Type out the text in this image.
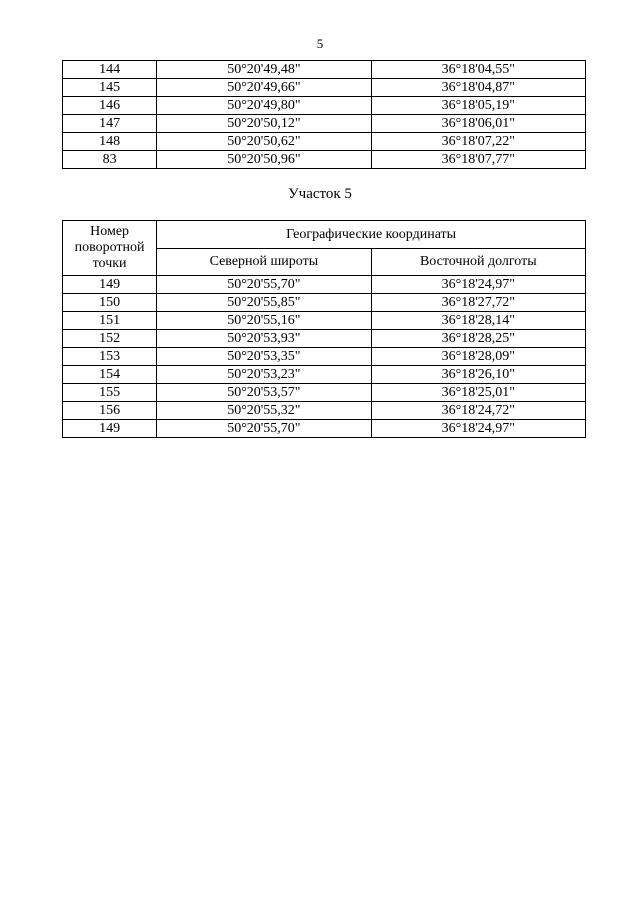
5
144	50°20'49,48"	36°18'04,55"
145	50°20'49,66"	36°18'04,87"
146	50°20'49,80"	36°18'05,19"
147	50°20'50,12"	36°18'06,01"
148	50°20'50,62"	36°18'07,22"
83	50°20'50,96"	36°18'07,77"
Участок 5
Номер поворотной точки	Географические координаты	
	Северной широты	Восточной долготы
149	50°20'55,70"	36°18'24,97"
150	50°20'55,85"	36°18'27,72"
151	50°20'55,16"	36°18'28,14"
152	50°20'53,93"	36°18'28,25"
153	50°20'53,35"	36°18'28,09"
154	50°20'53,23"	36°18'26,10"
155	50°20'53,57"	36°18'25,01"
156	50°20'55,32"	36°18'24,72"
149	50°20'55,70"	36°18'24,97"
